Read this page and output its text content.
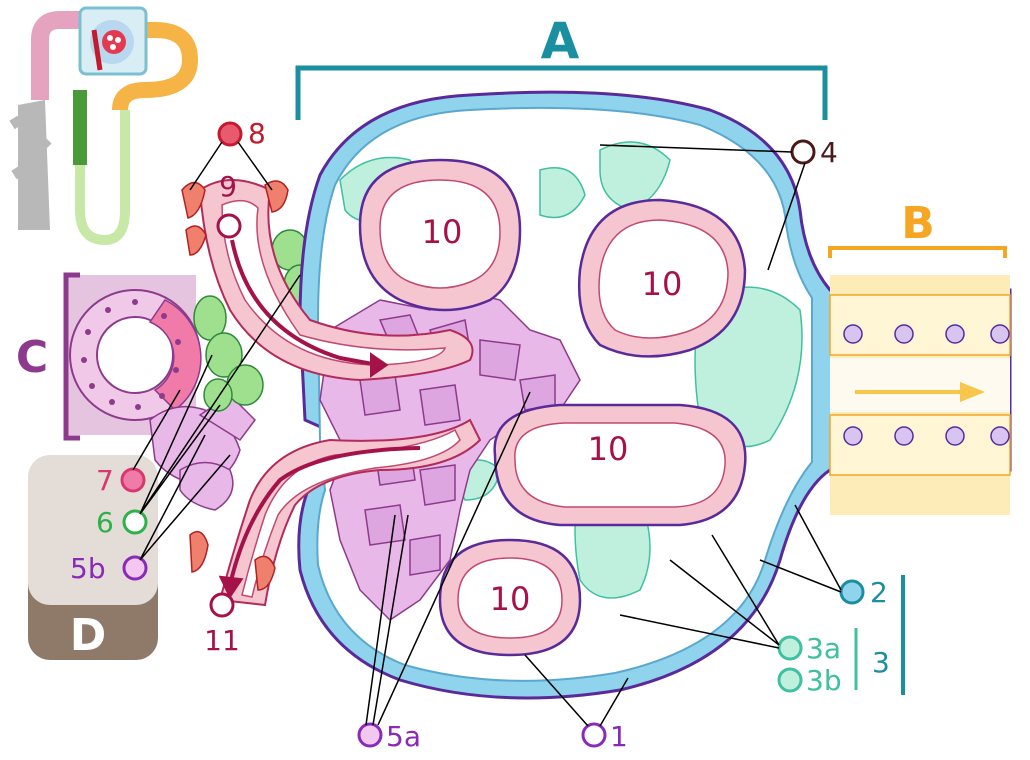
D
C
10
10
10
10
B
A
8
9
11
7
6
5b
4
2
3a
3b
3
1
5a
